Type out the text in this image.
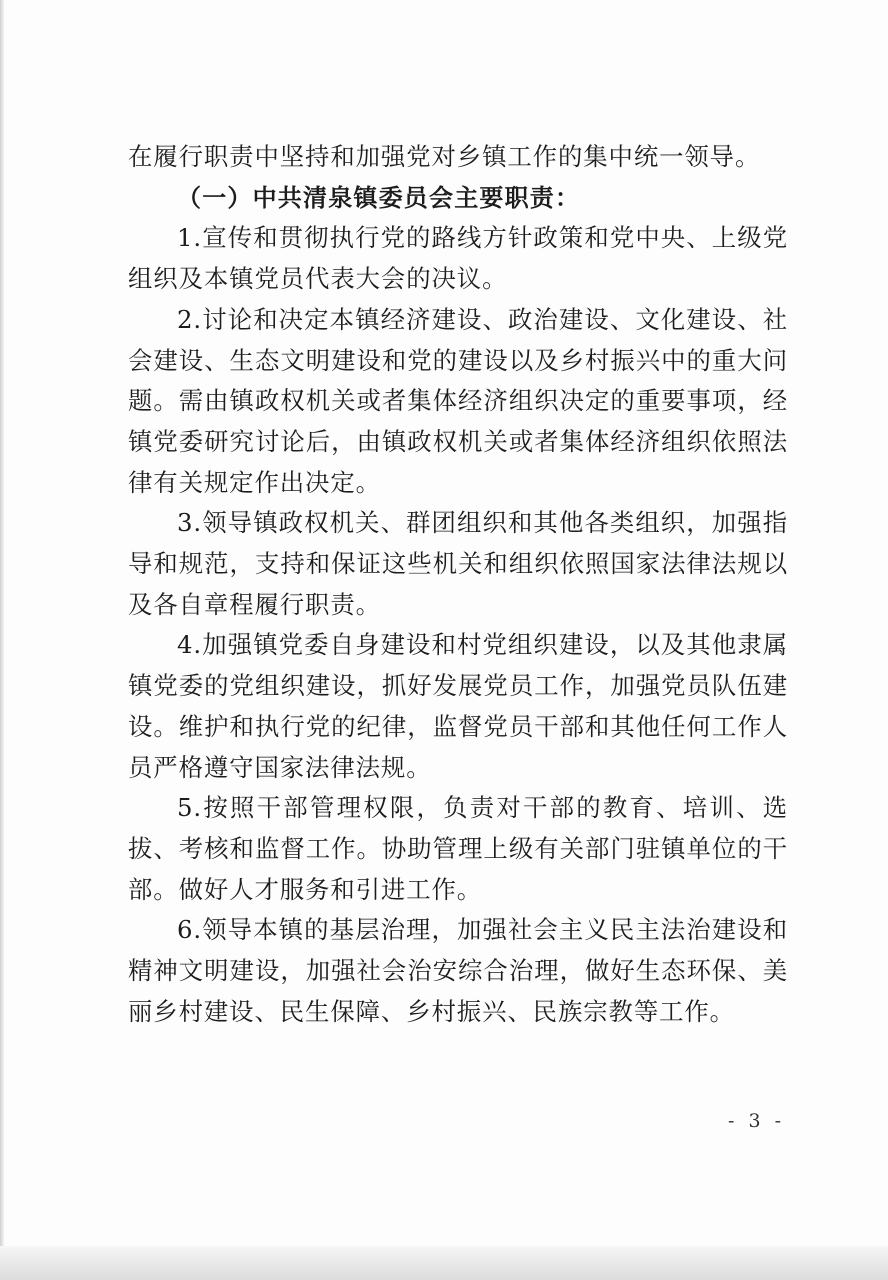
在履行职责中坚持和加强党对乡镇工作的集中统一领导。

（一）中共清泉镇委员会主要职责：

1.宣传和贯彻执行党的路线方针政策和党中央、上级党组织及本镇党员代表大会的决议。

2.讨论和决定本镇经济建设、政治建设、文化建设、社会建设、生态文明建设和党的建设以及乡村振兴中的重大问题。需由镇政权机关或者集体经济组织决定的重要事项，经镇党委研究讨论后，由镇政权机关或者集体经济组织依照法律有关规定作出决定。

3.领导镇政权机关、群团组织和其他各类组织，加强指导和规范，支持和保证这些机关和组织依照国家法律法规以及各自章程履行职责。

4.加强镇党委自身建设和村党组织建设，以及其他隶属镇党委的党组织建设，抓好发展党员工作，加强党员队伍建设。维护和执行党的纪律，监督党员干部和其他任何工作人员严格遵守国家法律法规。

5.按照干部管理权限，负责对干部的教育、培训、选拔、考核和监督工作。协助管理上级有关部门驻镇单位的干部。做好人才服务和引进工作。

6.领导本镇的基层治理，加强社会主义民主法治建设和精神文明建设，加强社会治安综合治理，做好生态环保、美丽乡村建设、民生保障、乡村振兴、民族宗教等工作。

- 3 -
